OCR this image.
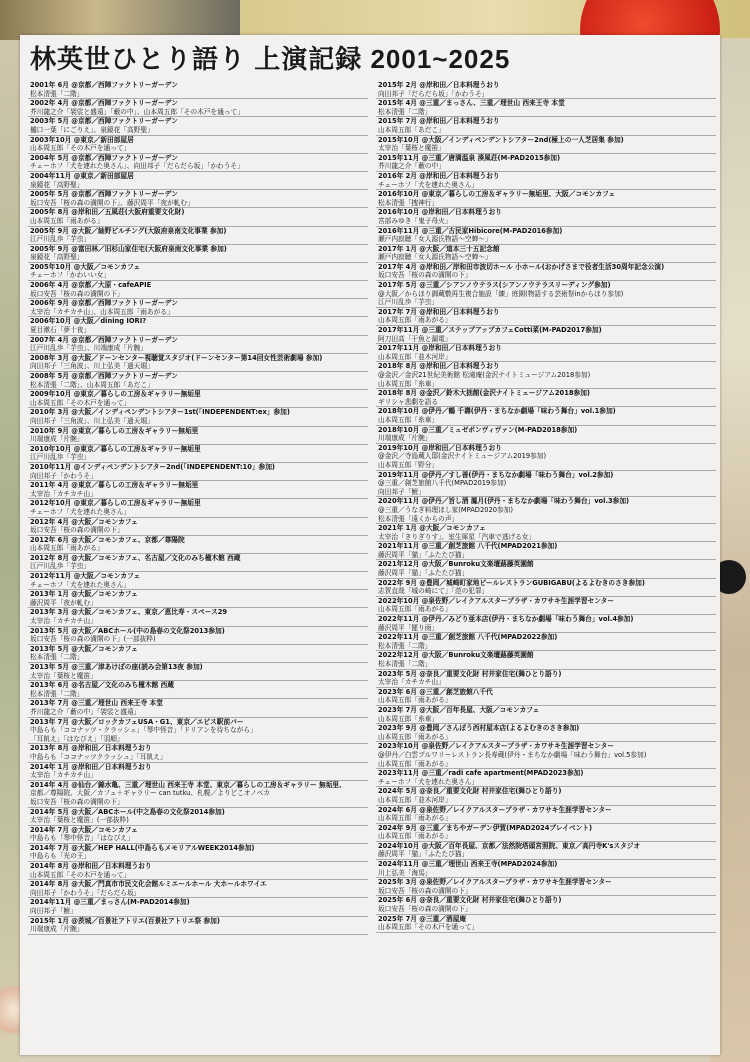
林英世ひとり語り 上演記録 2001~2025
2001年 6月 @京都／西陣ファクトリーガーデン
松本清張「二階」
2002年 4月 @京都／西陣ファクトリーガーデン
芥川龍之介「袈裟と盛遠」「藪の中」、山本周五郎「その木戸を通って」
2003年 5月 @京都／西陣ファクトリーガーデン
樋口一葉「にごりえ」、泉鏡花「高野聖」
2003年10月 @東京／新田部屋居
山本周五郎「その木戸を通って」
2004年 5月 @京都／西陣ファクトリーガーデン
チェーホフ「犬を連れた奥さん」、向田邦子「だらだら坂」「かわうそ」
2004年11月 @東京／新田部屋居
泉鏡花「高野聖」
2005年 5月 @京都／西陣ファクトリーガーデン
坂口安吾「桜の森の満開の下」、藤沢周平「夜が軋む」
2005年 8月 @岸和田／五風荘(大阪府重要文化財)
山本周五郎「雨あがる」
2005年 9月 @大阪／紬野ビルチング(大阪府泉南文化事業 参加)
江戸川乱歩「芋虫」
2005年 9月 @富田林／旧杉山家住宅(大阪府泉南文化事業 参加)
泉鏡花「高野聖」
2005年10月 @大阪／コモンカフェ
チェーホフ「かわいい女」
2006年 4月 @京都／大原・cafeAPIE
坂口安吾「桜の森の満開の下」
2006年 9月 @京都／西陣ファクトリーガーデン
太宰治「カチカチ山」、山本周五郎「雨あがる」
2006年10月 @大阪／dining IORI?
夏目漱石「夢十夜」
2007年 4月 @京都／西陣ファクトリーガーデン
江戸川乱歩「芋虫」、川端康成「片腕」
2008年 3月 @大阪／ドーンセンター視聴覚スタジオ(ドーンセンター第14回女性芸術劇場 参加)
向田邦子「三角波」、川上弘美「過天堀」
2008年 5月 @京都／西陣ファクトリーガーデン
松本清張「二階」、山本周五郎「あだこ」
2009年10月 @東京／暮らしの工房＆ギャラリー無垢里
山本周五郎「その木戸を通って」
2010年 3月 @大阪／インディペンデントシアター1st(「INDEPENDENT:ex」参加)
向田邦子「三角波」、川上弘美「過天堀」
2010年 9月 @東京／暮らしの工房＆ギャラリー無垢里
川端康成「片腕」
2010年10月 @東京／暮らしの工房＆ギャラリー無垢里
江戸川乱歩「芋虫」
2010年11月 @インディペンデントシアター2nd(「INDEPENDENT:10」参加)
向田邦子「かわうそ」
2011年 4月 @東京／暮らしの工房＆ギャラリー無垢里
太宰治「カチカチ山」
2012年10月 @東京／暮らしの工房＆ギャラリー無垢里
チェーホフ「犬を連れた奥さん」
2012年 4月 @大阪／コモンカフェ
坂口安吾「桜の森の満開の下」
2012年 6月 @大阪／コモンカフェ、京都／尊陽院
山本周五郎「雨あがる」
2012年 8月 @大阪／コモンカフェ、名古屋／文化のみち橦木館 西蔵
江戸川乱歩「芋虫」
2012年11月 @大阪／コモンカフェ
チェーホフ「犬を連れた奥さん」
2013年 1月 @大阪／コモンカフェ
藤沢周平「夜が軋む」
2013年 3月 @大阪／コモンカフェ、東京／恵比寿・スペース29
太宰治「カチカチ山」
2013年 5月 @大阪／ABCホール(中の島春の文化祭2013参加)
坂口安吾「桜の森の満開の下」(一部抜粋)
2013年 5月 @大阪／コモンカフェ
松本清張「二階」
2013年 5月 @三重／津あけぼの座(読み会第13夜 参加)
太宰治「葉桜と魔笛」
2013年 6月 @名古屋／文化のみち橦木館 西蔵
松本清張「二階」
2013年 7月 @三重／埋世山 西来王寺 本堂
芥川龍之介「藪の中」「袈裟と盛遠」
2013年 7月 @大阪／ロックカフェUSA・G1、東京／エビス駅前バー
中島らも「ココナッツ・クラッシュ」「琴中怪音」「ドリアンを待ちながら」
「耳飢え」「はなびえ」「羽順」
2013年 8月 @岸和田／日本料理うおり
中島らも「ココナッツクラッシュ」「耳飢え」
2014年 1月 @岸和田／日本料理うおり
太宰治「カチカチ山」
2014年 4月 @仙台／錦水亀、三重／埋世山 西来王寺 本堂、東京／暮らしの工房＆ギャラリー 無垢里、
京都／尊陽院、大阪／カフェ＋ギャラリー can tutku、札幌／よりどこオノベカ
坂口安吾「桜の森の満開の下」
2014年 5月 @大阪／ABCホール(中之島春の文化祭2014参加)
太宰治「葉桜と魔笛」(一部抜粋)
2014年 7月 @大阪／コモンカフェ
中島らも「琴中怪音」「はなびえ」
2014年 7月 @大阪／HEP HALL(中島らもメモリアルWEEK2014参加)
中島らも「光の王」
2014年 8月 @岸和田／日本料理うおり
山本周五郎「その木戸を通って」
2014年 8月 @大阪／門真市市民文化会館ルミエールホール 大ホールホワイエ
向田邦子「かわうそ」「だらだら坂」
2014年11月 @三重／まっさん(M-PAD2014参加)
向田邦子「鮒」
2015年 1月 @茨城／百景社アトリエ(百景社アトリエ祭 参加)
川端康成「片腕」
2015年 2月 @岸和田／日本料理うおり
向田邦子「だらだら坂」「かわうそ」
2015年 4月 @三重／まっさん、三重／埋世山 西来王寺 本堂
松本清張「二階」
2015年 7月 @岸和田／日本料理うおり
山本周五郎「あだこ」
2015年10月 @大阪／インディペンデントシアター2nd(極上の一人芝居集 参加)
太宰治「葉桜と魔笛」
2015年11月 @三重／唐満温泉 湊風荘(M-PAD2015参加)
芥川龍之介「藪の中」
2016年 2月 @岸和田／日本料理うおり
チェーホフ「犬を連れた奥さん」
2016年10月 @東京／暮らしの工房＆ギャラリー無垢里、大阪／コモンカフェ
松本清張「捜神行」
2016年10月 @岸和田／日本料理うおり
宮部みゆき「鬼子母火」
2016年11月 @三重／古民家Hibicore(M-PAD2016参加)
瀬戸内寂聴「女人源氏物語～空蝉～」
2017年 1月 @大阪／道本三十五記念館
瀬戸内寂聴「女人源氏物語～空蝉～」
2017年 4月 @岸和田／岸和田市波切ホール 小ホール(おかげさまで役者生活30周年記念公演)
坂口安吾「桜の森の満開の下」
2017年 5月 @三重／シアンノウテラス(シアンノウテラスリーディング参加)
@大阪／からほり御蔵敷再生複合施設「練」庭園(物語する芸術祭inからほり参加)
江戸川乱歩「芋虫」
2017年 7月 @岸和田／日本料理うおり
山本周五郎「雨あがる」
2017年11月 @三重／ステップアップカフェCotti菜(M-PAD2017参加)
阿刀田高「干魚と漏電」
2017年11月 @岸和田／日本料理うおり
山本周五郎「並木河岸」
2018年 8月 @岸和田／日本料理うおり
@金沢／金沢21世紀美術館 松滝庵(金沢ナイトミュージアム2018参加)
山本周五郎「糸車」
2018年 8月 @金沢／鈴木大拙館(金沢ナイトミュージアム2018参加)
ギリシャ悲劇を語る
2018年10月 @伊丹／鶴 千壽(伊丹・まちなか劇場「味わう舞台」vol.1参加)
山本周五郎「糸車」
2018年10月 @三重／ミュゼボンヴィヴァン(M-PAD2018参加)
川端康成「片腕」
2019年10月 @岸和田／日本料理うおり
@金沢／寺島蔵人邸(金沢ナイトミュージアム2019参加)
山本周五郎「野分」
2019年11月 @伊丹／すし善(伊丹・まちなか劇場「味わう舞台」vol.2参加)
@三重／創芝旅館八千代(MPAD2019参加)
向田邦子「鮒」
2020年11月 @伊丹／旨し酒 鳳月(伊丹・まちなか劇場「味わう舞台」vol.3参加)
@三重／うなぎ料理ほし家(MPAD2020参加)
松本清張「遠くからの声」
2021年 1月 @大阪／コモンカフェ
太宰治「きりぎりす」、室生犀星「汽車で逃げる女」
2021年11月 @三重／創芝旅館 八千代(MPAD2021参加)
藤沢周平「猫」「ふたたび猫」
2021年12月 @大阪／Bunroku文楽壇蕗藤英園館
藤沢周平「猫」「ふたたび猫」
2022年 9月 @豊岡／城崎町家地ビールレストランGUBIGABU(よるよむきのさき参加)
志賀直哉「城の崎にて」「范の犯罪」
2022年10月 @泉佐野／レイクアルスタープラザ・カワサキ生涯学習センター
山本周五郎「雨あがる」
2022年11月 @伊丹／みどり亜本店(伊丹・まちなか劇場「味わう舞台」vol.4参加)
藤沢周平「罷り雨」
2022年11月 @三重／創芝旅館 八千代(MPAD2022参加)
松本清張「二階」
2022年12月 @大阪／Bunroku文楽壇蕗藤英園館
松本清張「二階」
2023年 5月 @奈良／重要文化財 村井家住宅(舞ひとり語り)
太宰治「カチカチ山」
2023年 6月 @三重／創芝旅館八千代
山本周五郎「雨あがる」
2023年 7月 @大阪／百年長屋、大阪／コモンカフェ
山本周五郎「糸車」
2023年 9月 @豊岡／さんぽう西村屋本店(よるよむきのさき参加)
山本周五郎「雨あがる」
2023年10月 @泉佐野／レイクアルスタープラザ・カワサキ生涯学習センター
@伊丹／白雲プルワリーレストラン長寿蔵(伊丹・まちなか劇場「味わう舞台」vol.5参加)
山本周五郎「雨あがる」
2023年11月 @三重／radi cafe apartment(MPAD2023参加)
チェーホフ「犬を連れた奥さん」
2024年 5月 @奈良／重要文化財 村井家住宅(舞ひとり語り)
山本周五郎「並木河岸」
2024年 6月 @泉佐野／レイクアルスタープラザ・カワサキ生涯学習センター
山本周五郎「雨あがる」
2024年 9月 @三重／まちやガーデン伊賀(MPAD2024プレイベント)
山本周五郎「雨あがる」
2024年10月 @大阪／百年長屋、京都／法然院塔頭宮照院、東京／高円寺K'sスタジオ
藤沢周平「猫」「ふたたび猫」
2024年11月 @三重／埋世山 西来王寺(MPAD2024参加)
川上弘美「海馬」
2025年 3月 @泉佐野／レイクアルスタープラザ・カワサキ生涯学習センター
坂口安吾「桜の森の満開の下」
2025年 6月 @奈良／重要文化財 村井家住宅(舞ひとり語り)
坂口安吾「桜の森の満開の下」
2025年 7月 @三重／酒屋庵
山本周五郎「その木戸を通って」
